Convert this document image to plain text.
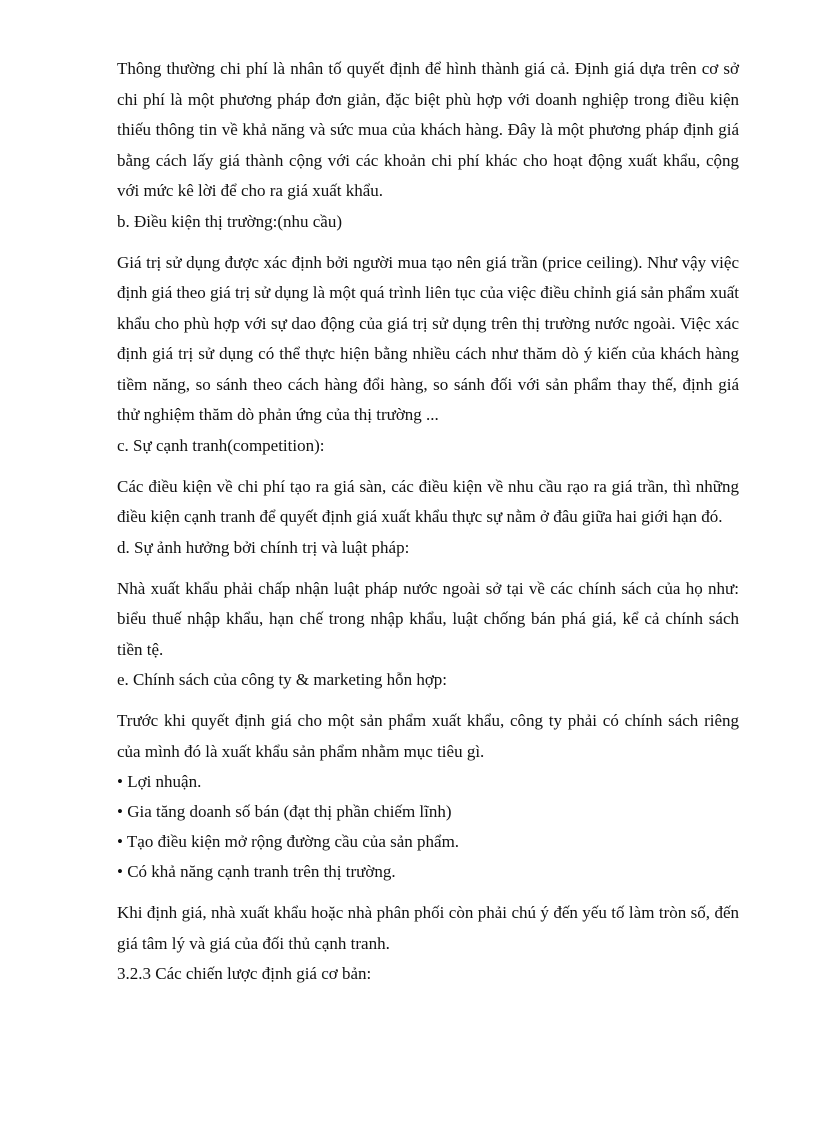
Thông thường chi phí là nhân tố quyết định để hình thành giá cả. Định giá dựa trên cơ sở chi phí là một phương pháp đơn giản, đặc biệt phù hợp với doanh nghiệp trong điều kiện thiếu thông tin về khả năng và sức mua của khách hàng. Đây là một phương pháp định giá bằng cách lấy giá thành cộng với các khoản chi phí khác cho hoạt động xuất khẩu, cộng với mức kê lời để cho ra giá xuất khẩu.

b. Điều kiện thị trường:(nhu cầu)

Giá trị sử dụng được xác định bởi người mua tạo nên giá trần (price ceiling). Như vậy việc định giá theo giá trị sử dụng là một quá trình liên tục của việc điều chỉnh giá sản phẩm xuất khẩu cho phù hợp với sự dao động của giá trị sử dụng trên thị trường nước ngoài. Việc xác định giá trị sử dụng có thể thực hiện bằng nhiều cách như thăm dò ý kiến của khách hàng tiềm năng, so sánh theo cách hàng đổi hàng, so sánh đối với sản phẩm thay thế, định giá thử nghiệm thăm dò phản ứng của thị trường ...

c. Sự cạnh tranh(competition):

Các điều kiện về chi phí tạo ra giá sàn, các điều kiện về nhu cầu rạo ra giá trần, thì những điều kiện cạnh tranh để quyết định giá xuất khẩu thực sự nằm ở đâu giữa hai giới hạn đó.

d. Sự ảnh hưởng bởi chính trị và luật pháp:

Nhà xuất khẩu phải chấp nhận luật pháp nước ngoài sở tại về các chính sách của họ như: biểu thuế nhập khẩu, hạn chế trong nhập khẩu, luật chống bán phá giá, kể cả chính sách tiền tệ.

e. Chính sách của công ty & marketing hỗn hợp:

Trước khi quyết định giá cho một sản phẩm xuất khẩu, công ty phải có chính sách riêng của mình đó là xuất khẩu sản phẩm nhằm mục tiêu gì.

• Lợi nhuận.

• Gia tăng doanh số bán (đạt thị phần chiếm lĩnh)

• Tạo điều kiện mở rộng đường cầu của sản phẩm.

• Có khả năng cạnh tranh trên thị trường.

Khi định giá, nhà xuất khẩu hoặc nhà phân phối còn phải chú ý đến yếu tố làm tròn số, đến giá tâm lý và giá của đối thủ cạnh tranh.

3.2.3 Các chiến lược định giá cơ bản:
